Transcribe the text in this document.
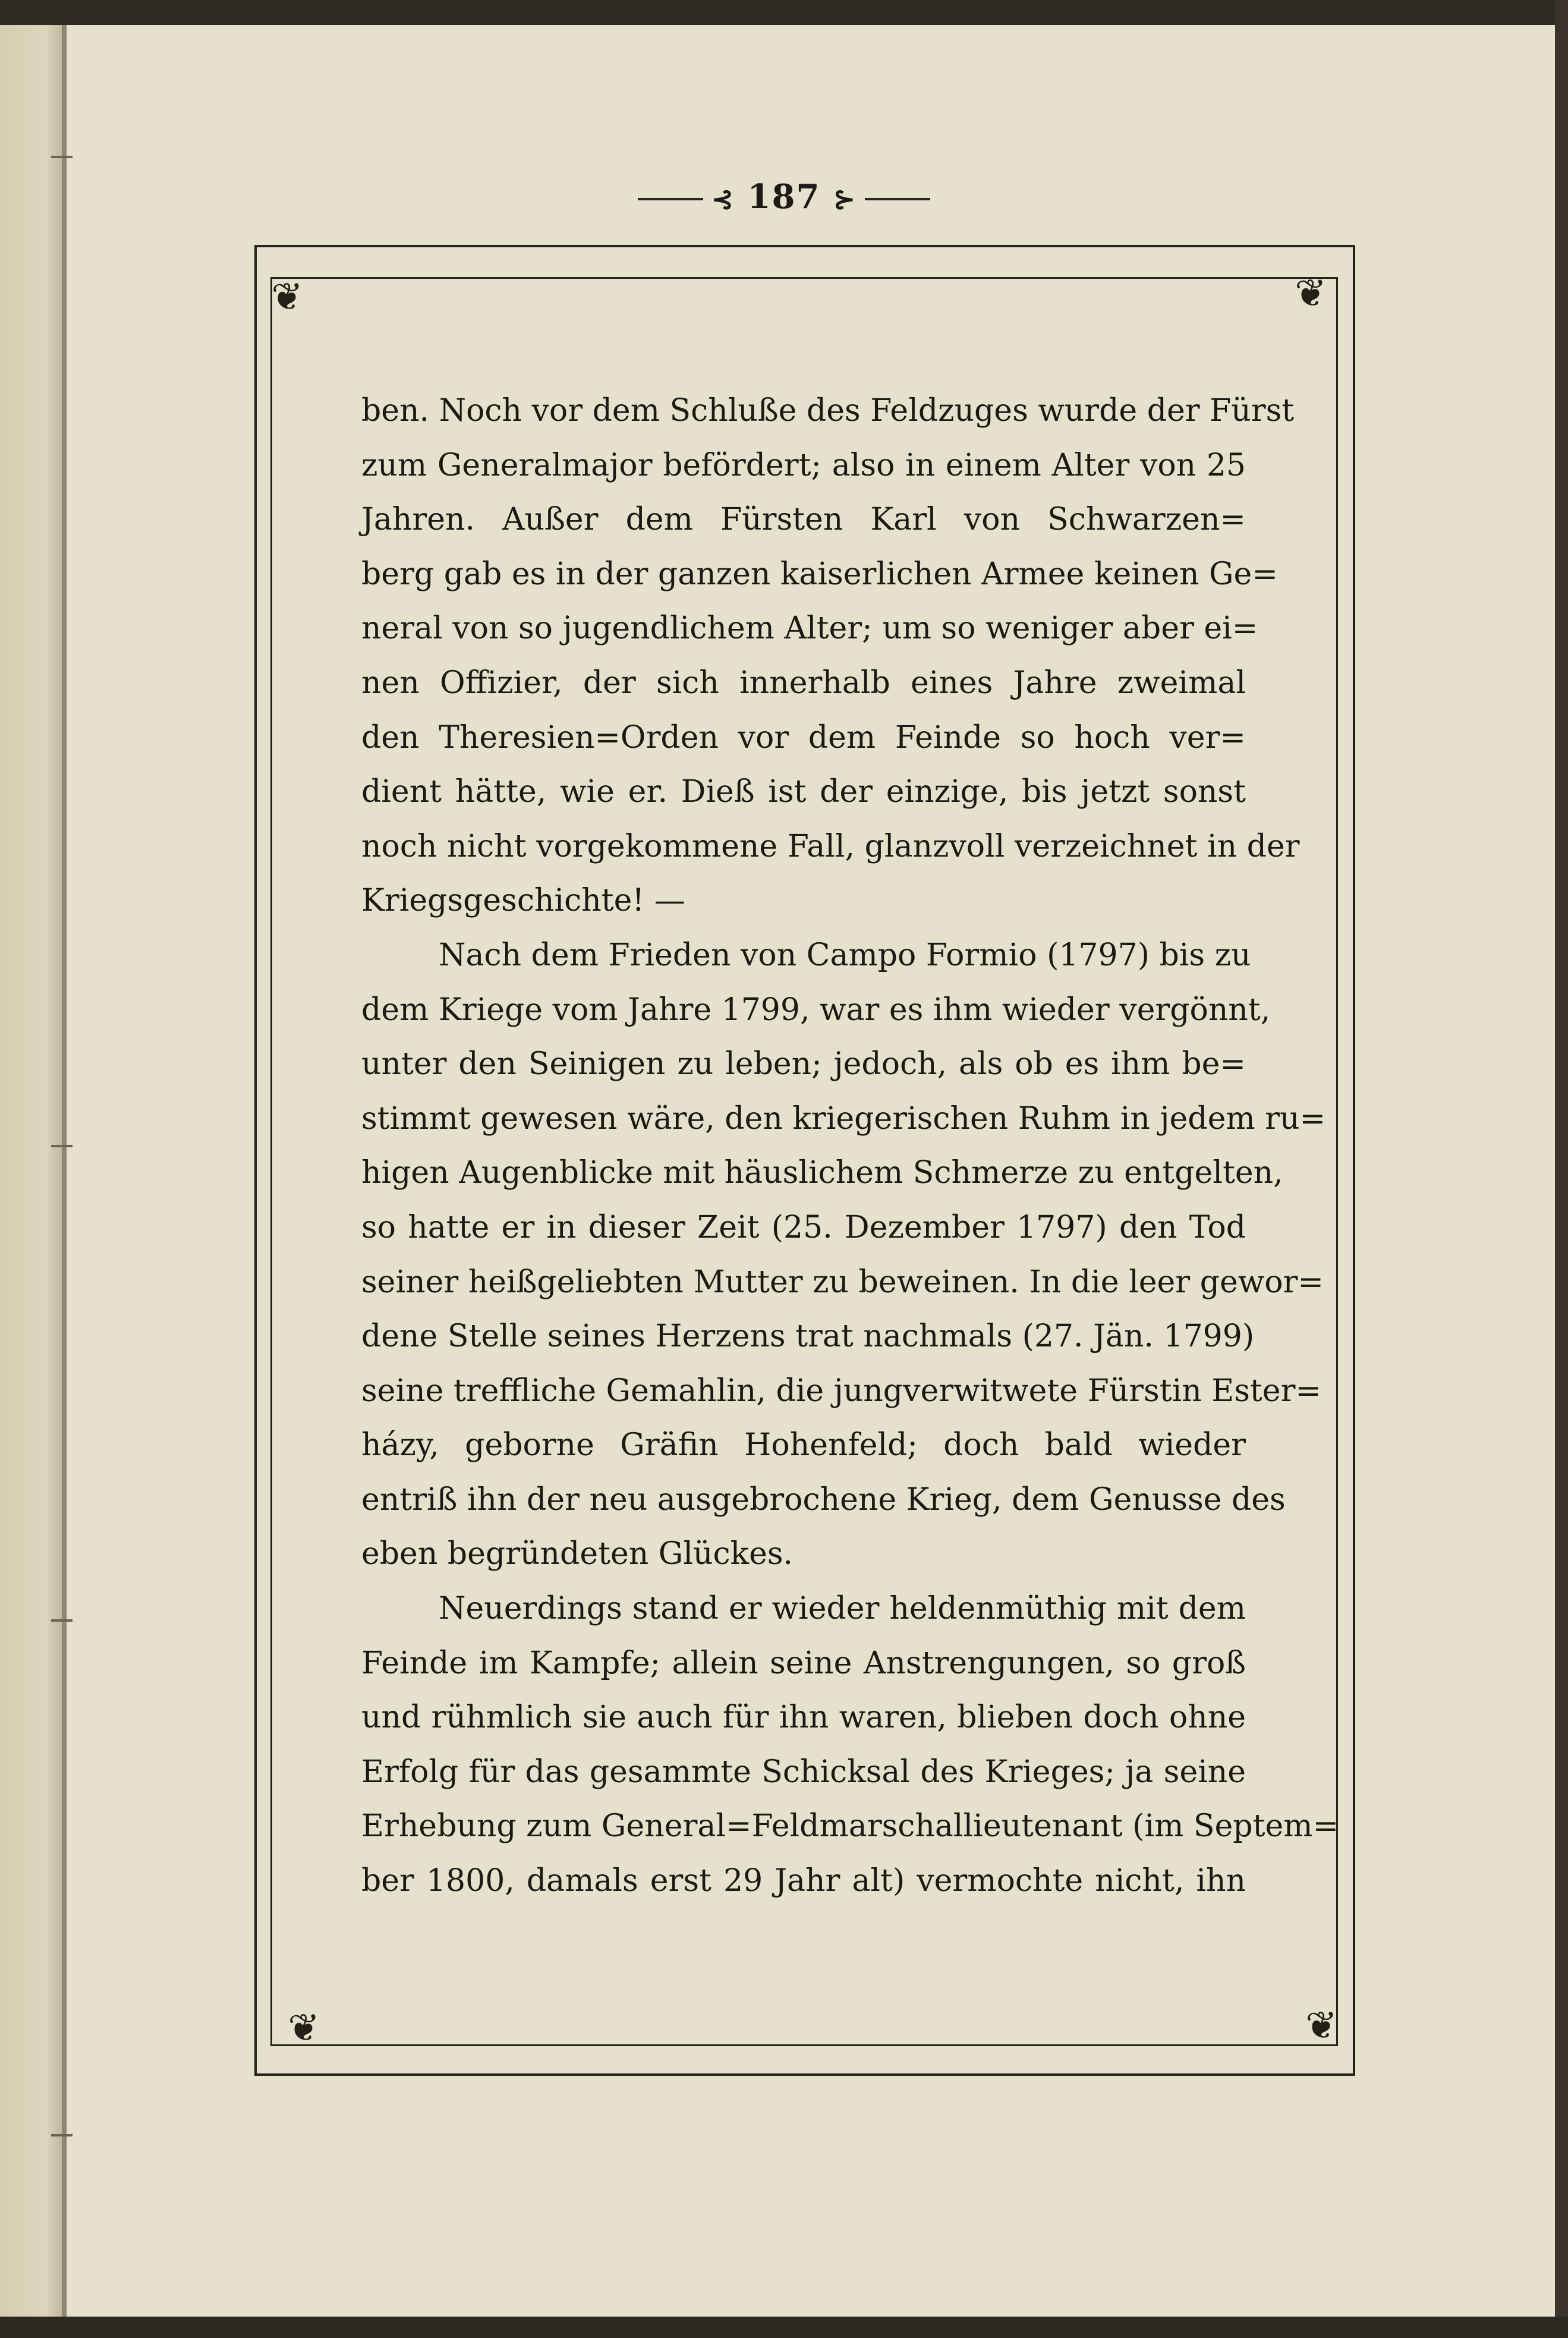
⊰ 187 ⊱
❦	❦
❦	❦
ben. Noch vor dem Schluße des Feldzuges wurde der Fürst
zum Generalmajor befördert; also in einem Alter von 25
Jahren. Außer dem Fürsten Karl von Schwarzen=
berg gab es in der ganzen kaiserlichen Armee keinen Ge=
neral von so jugendlichem Alter; um so weniger aber ei=
nen Offizier, der sich innerhalb eines Jahre zweimal
den Theresien=Orden vor dem Feinde so hoch ver=
dient hätte, wie er. Dieß ist der einzige, bis jetzt sonst
noch nicht vorgekommene Fall, glanzvoll verzeichnet in der
Kriegsgeschichte! —
Nach dem Frieden von Campo Formio (1797) bis zu
dem Kriege vom Jahre 1799, war es ihm wieder vergönnt,
unter den Seinigen zu leben; jedoch, als ob es ihm be=
stimmt gewesen wäre, den kriegerischen Ruhm in jedem ru=
higen Augenblicke mit häuslichem Schmerze zu entgelten,
so hatte er in dieser Zeit (25. Dezember 1797) den Tod
seiner heißgeliebten Mutter zu beweinen. In die leer gewor=
dene Stelle seines Herzens trat nachmals (27. Jän. 1799)
seine treffliche Gemahlin, die jungverwitwete Fürstin Ester=
házy, geborne Gräfin Hohenfeld; doch bald wieder
entriß ihn der neu ausgebrochene Krieg, dem Genusse des
eben begründeten Glückes.
Neuerdings stand er wieder heldenmüthig mit dem
Feinde im Kampfe; allein seine Anstrengungen, so groß
und rühmlich sie auch für ihn waren, blieben doch ohne
Erfolg für das gesammte Schicksal des Krieges; ja seine
Erhebung zum General=Feldmarschallieutenant (im Septem=
ber 1800, damals erst 29 Jahr alt) vermochte nicht, ihn
